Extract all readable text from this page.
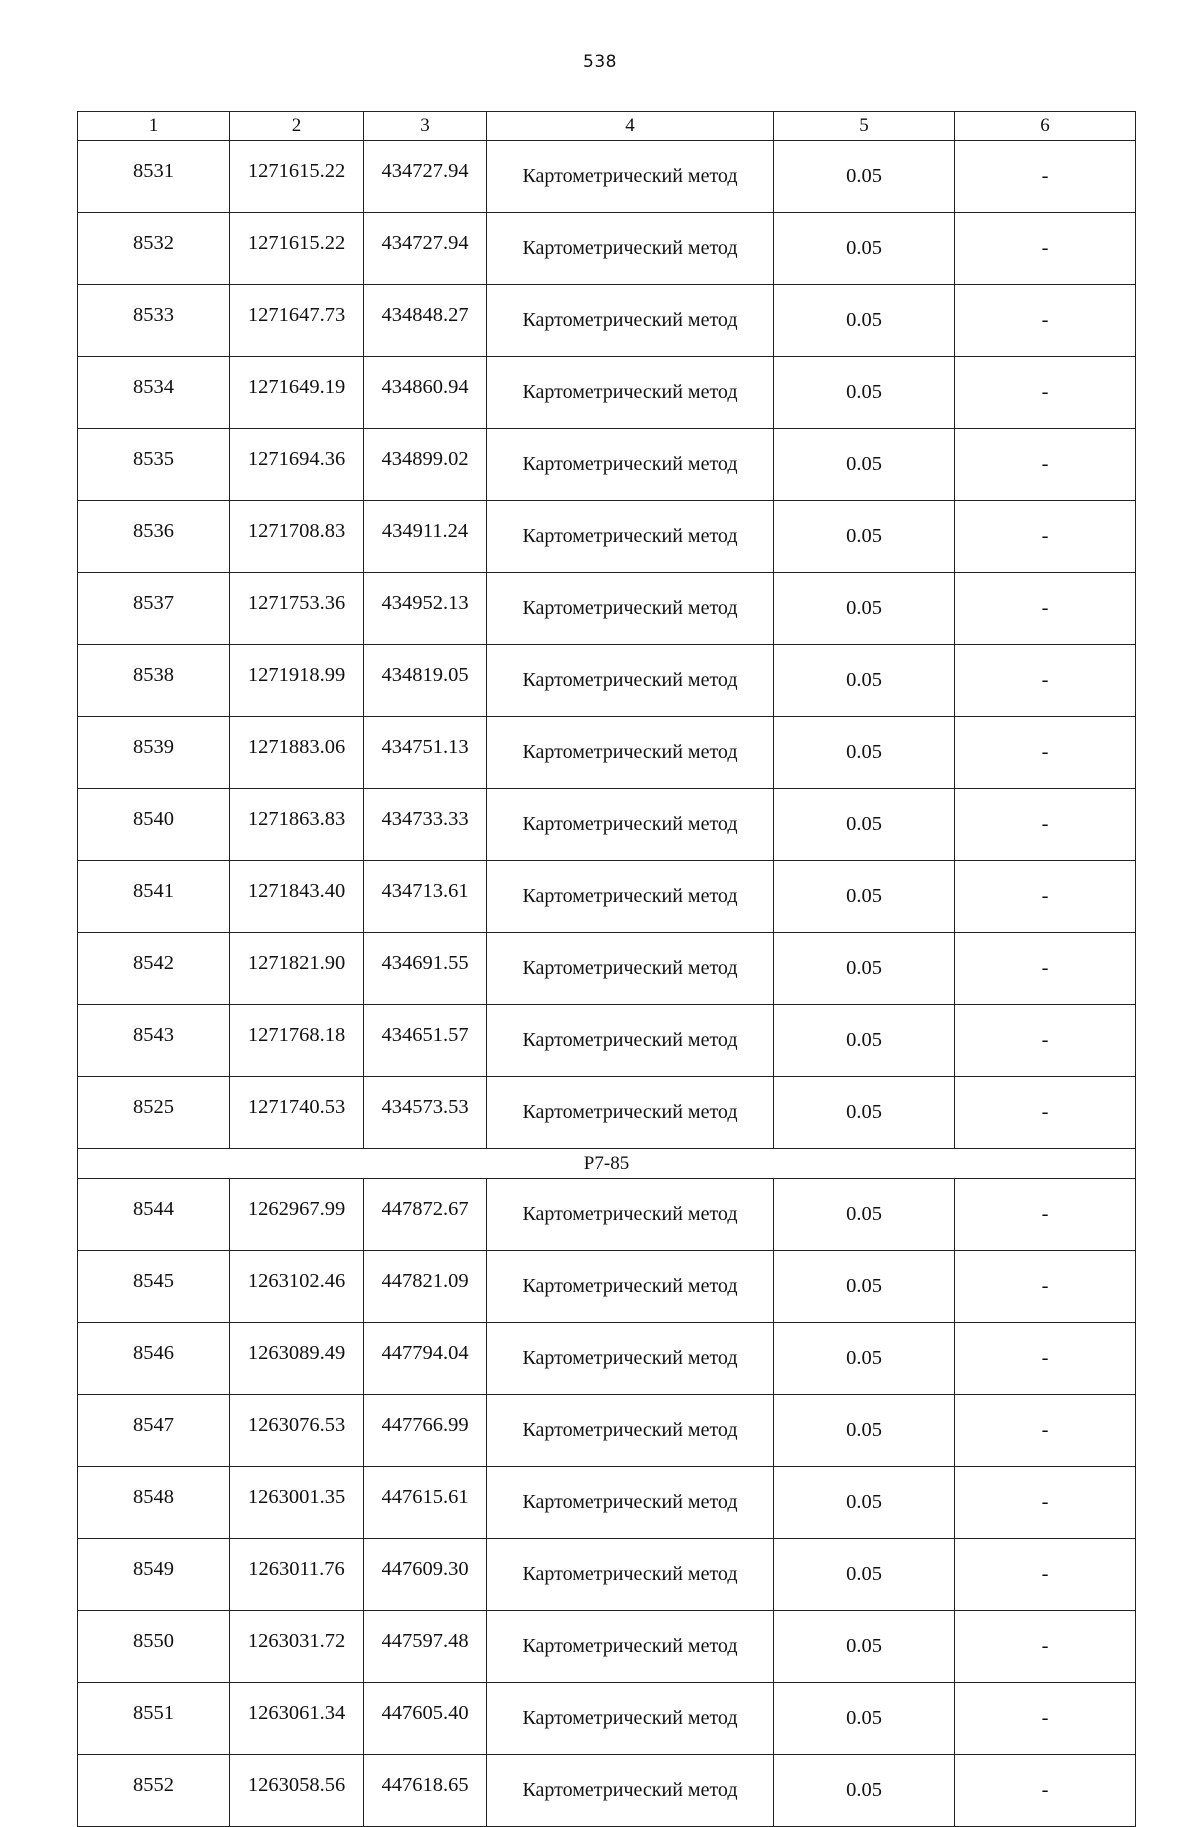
538
1	2	3	4	5	6
8531	1271615.22	434727.94	Картометрический метод	0.05	-
8532	1271615.22	434727.94	Картометрический метод	0.05	-
8533	1271647.73	434848.27	Картометрический метод	0.05	-
8534	1271649.19	434860.94	Картометрический метод	0.05	-
8535	1271694.36	434899.02	Картометрический метод	0.05	-
8536	1271708.83	434911.24	Картометрический метод	0.05	-
8537	1271753.36	434952.13	Картометрический метод	0.05	-
8538	1271918.99	434819.05	Картометрический метод	0.05	-
8539	1271883.06	434751.13	Картометрический метод	0.05	-
8540	1271863.83	434733.33	Картометрический метод	0.05	-
8541	1271843.40	434713.61	Картометрический метод	0.05	-
8542	1271821.90	434691.55	Картометрический метод	0.05	-
8543	1271768.18	434651.57	Картометрический метод	0.05	-
8525	1271740.53	434573.53	Картометрический метод	0.05	-
Р7-85					
8544	1262967.99	447872.67	Картометрический метод	0.05	-
8545	1263102.46	447821.09	Картометрический метод	0.05	-
8546	1263089.49	447794.04	Картометрический метод	0.05	-
8547	1263076.53	447766.99	Картометрический метод	0.05	-
8548	1263001.35	447615.61	Картометрический метод	0.05	-
8549	1263011.76	447609.30	Картометрический метод	0.05	-
8550	1263031.72	447597.48	Картометрический метод	0.05	-
8551	1263061.34	447605.40	Картометрический метод	0.05	-
8552	1263058.56	447618.65	Картометрический метод	0.05	-
